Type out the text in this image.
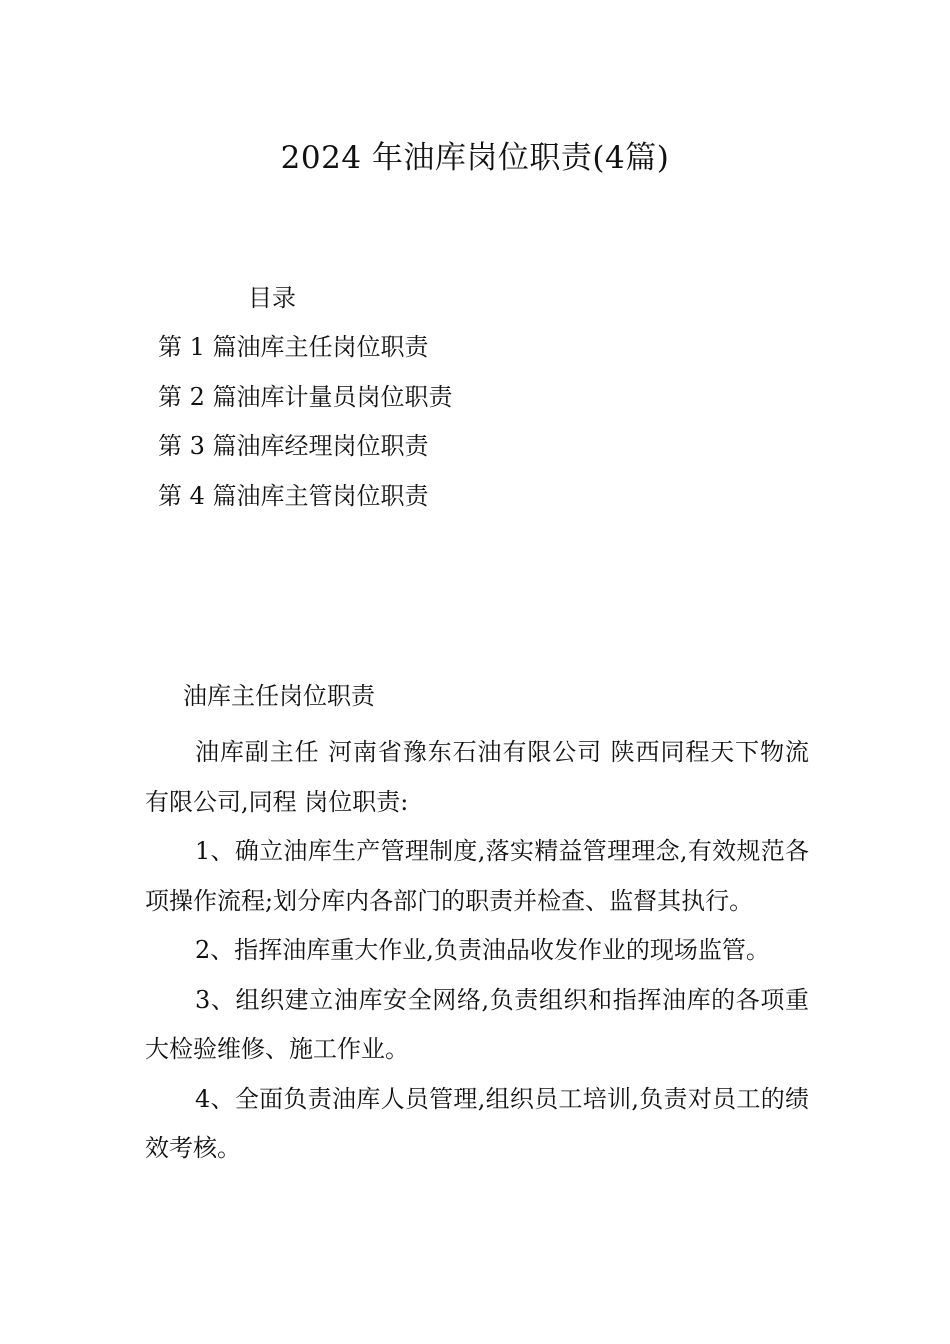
2024 年油库岗位职责(4篇)
目录
第 1 篇油库主任岗位职责
第 2 篇油库计量员岗位职责
第 3 篇油库经理岗位职责
第 4 篇油库主管岗位职责
油库主任岗位职责

油库副主任 河南省豫东石油有限公司 陕西同程天下物流有限公司,同程 岗位职责:

1、确立油库生产管理制度,落实精益管理理念,有效规范各项操作流程;划分库内各部门的职责并检查、监督其执行。

2、指挥油库重大作业,负责油品收发作业的现场监管。

3、组织建立油库安全网络,负责组织和指挥油库的各项重大检验维修、施工作业。

4、全面负责油库人员管理,组织员工培训,负责对员工的绩效考核。
